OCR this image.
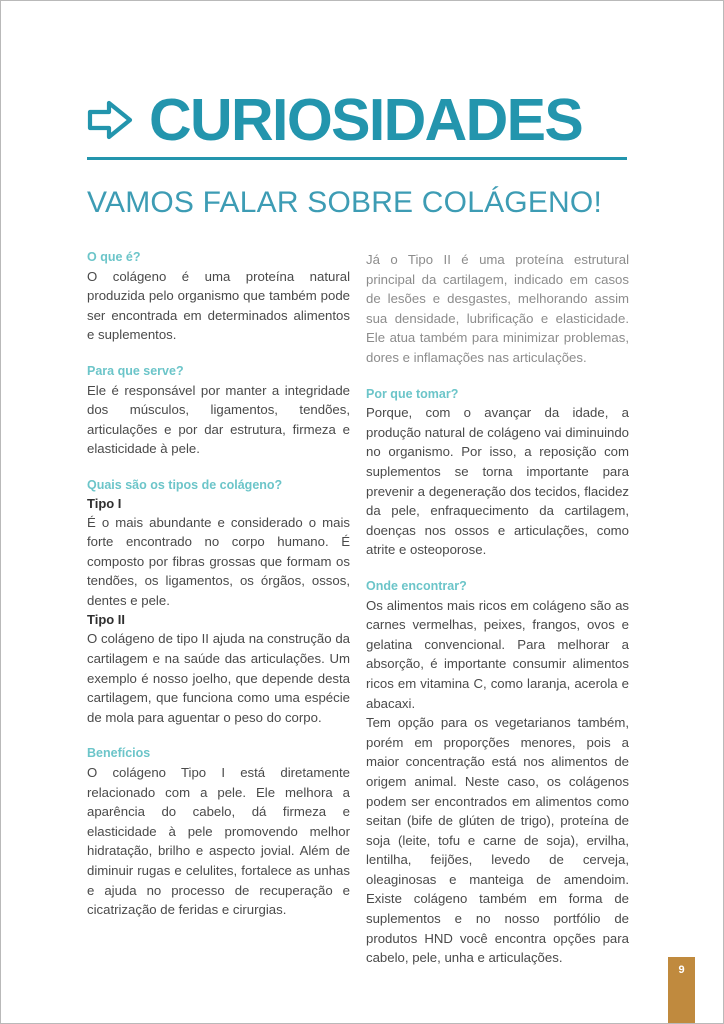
CURIOSIDADES
VAMOS FALAR SOBRE COLÁGENO!
O que é?
O colágeno é uma proteína natural produzida pelo organismo que também pode ser encontrada em determinados alimentos e suplementos.
Para que serve?
Ele é responsável por manter a integridade dos músculos, ligamentos, tendões, articulações e por dar estrutura, firmeza e elasticidade à pele.
Quais são os tipos de colágeno?
Tipo I
É o mais abundante e considerado o mais forte encontrado no corpo humano. É composto por fibras grossas que formam os tendões, os ligamentos, os órgãos, ossos, dentes e pele.
Tipo II
O colágeno de tipo II ajuda na construção da cartilagem e na saúde das articulações. Um exemplo é nosso joelho, que depende desta cartilagem, que funciona como uma espécie de mola para aguentar o peso do corpo.
Benefícios
O colágeno Tipo I está diretamente relacionado com a pele. Ele melhora a aparência do cabelo, dá firmeza e elasticidade à pele promovendo melhor hidratação, brilho e aspecto jovial. Além de diminuir rugas e celulites, fortalece as unhas e ajuda no processo de recuperação e cicatrização de feridas e cirurgias.
Já o Tipo II é uma proteína estrutural principal da cartilagem, indicado em casos de lesões e desgastes, melhorando assim sua densidade, lubrificação e elasticidade. Ele atua também para minimizar problemas, dores e inflamações nas articulações.
Por que tomar?
Porque, com o avançar da idade, a produção natural de colágeno vai diminuindo no organismo. Por isso, a reposição com suplementos se torna importante para prevenir a degeneração dos tecidos, flacidez da pele, enfraquecimento da cartilagem, doenças nos ossos e articulações, como atrite e osteoporose.
Onde encontrar?
Os alimentos mais ricos em colágeno são as carnes vermelhas, peixes, frangos, ovos e gelatina convencional. Para melhorar a absorção, é importante consumir alimentos ricos em vitamina C, como laranja, acerola e abacaxi.
Tem opção para os vegetarianos também, porém em proporções menores, pois a maior concentração está nos alimentos de origem animal. Neste caso, os colágenos podem ser encontrados em alimentos como seitan (bife de glúten de trigo), proteína de soja (leite, tofu e carne de soja), ervilha, lentilha, feijões, levedo de cerveja, oleaginosas e manteiga de amendoim. Existe colágeno também em forma de suplementos e no nosso portfólio de produtos HND você encontra opções para cabelo, pele, unha e articulações.
9
